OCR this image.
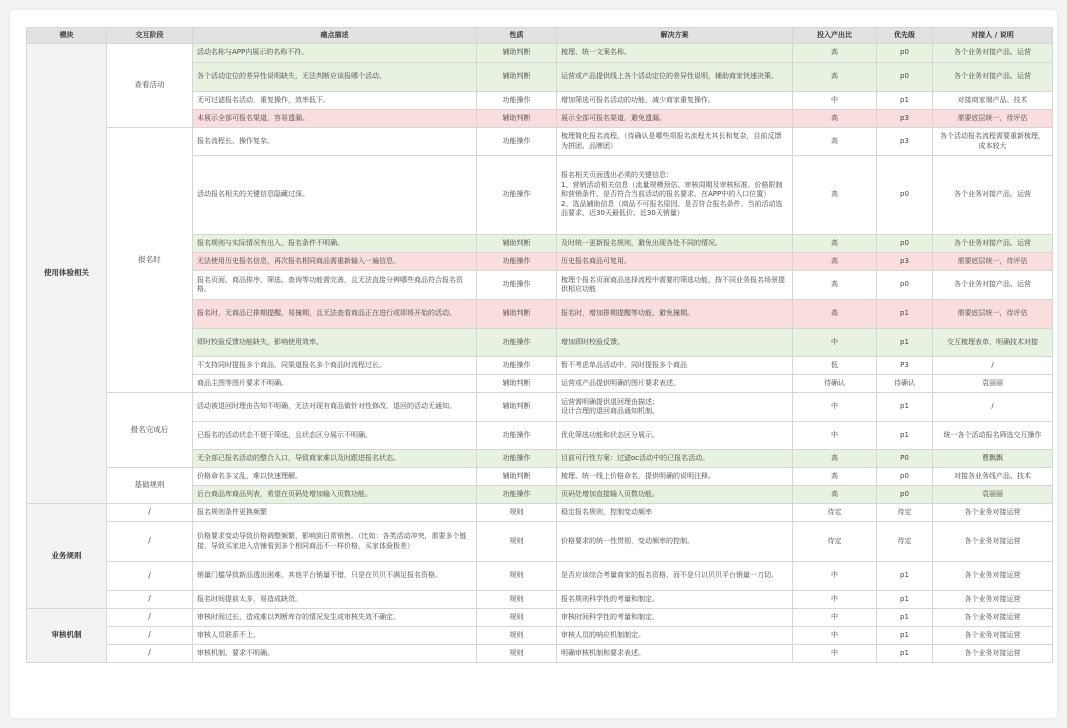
模块	交互阶段	痛点描述	性质	解决方案	投入产出比	优先级	对接人 / 说明
使用体验相关	查看活动	活动名称与APP内展示的名称不符。	辅助判断	梳理、统一文案名称。	高	p0	各个业务对接产品、运营
		各个活动定位的差异性说明缺失，无法判断应该报哪个活动。	辅助判断	运营或产品提供线上各个活动定位的差异性说明，辅助商家快速决策。	高	p0	各个业务对接产品、运营
		无可过滤报名活动，重复操作，效率低下。	功能操作	增加筛选可报名活动的功能，减少商家重复操作。	中	p1	对接商家端产品、技术
		未展示全部可报名渠道，容易遗漏。	辅助判断	展示全部可报名渠道，避免遗漏。	高	p3	需要底层统一，待评估
	报名时	报名流程长、操作复杂。	功能操作	梳理简化报名流程。（待确认是哪些项报名流程尤其长和复杂，目前反馈为拼团、品牌团）	高	p3	各个活动报名流程需要重新梳理，成本较大
		活动报名相关的关键信息隐藏过深。	功能操作	报名相关页面透出必须的关键信息：
1、营销活动相关信息（流量规模预估、审核周期及审核标准、价格限制和营销条件、是否符合当前活动的报名要求、在APP中的入口位置）
2、选品辅助信息（商品不可报名原因、是否符合报名条件、当前活动选品要求、近30天最低价、近30天销量）	高	p0	各个业务对接产品、运营
		报名规则与实际情况有出入、报名条件不明确。	辅助判断	及时统一更新报名规则，避免出现各处不同的情况。	高	p0	各个业务对接产品、运营
		无法使用历史报名信息，再次报名相同商品需重新输入一遍信息。	功能操作	历史报名商品可复用。	高	p3	需要底层统一，待评估
		报名页面，商品排序、筛选、查询等功能需完善，且无法直接分辨哪些商品符合报名资格。	功能操作	梳理个报名页面商品选择流程中需要的筛选功能，按不同业务报名场景提供相应功能	高	p0	各个业务对接产品、运营
		报名时，无商品已排期提醒，易撞期，且无法查看商品正在进行或即将开始的活动。	辅助判断	报名时，增加排期提醒等功能，避免撞期。	高	p1	需要底层统一，待评估
		即时校验反馈功能缺失，影响使用效率。	功能操作	增加即时校验反馈。	中	p1	交互梳理表单，明确技术对接
		不支持同时提报多个商品，同渠道报名多个商品时流程过长。	功能操作	暂不考虑单品活动中，同时提报多个商品	低	P3	/
		商品主图等图片要求不明确。	辅助判断	运营或产品提供明确的图片要求表述。	待确认	待确认	袁丽丽
	报名完成后	活动被退回时理由告知不明确，无法对现有商品做针对性修改，退回的活动无通知。	辅助判断	运营需明确提供退回理由描述；
设计合理的退回商品通知机制。	中	p1	/
		已报名的活动状态不便于筛选，且状态区分展示不明确。	功能操作	优化筛选功能和状态区分展示。	中	p1	统一各个活动报名筛选交互操作
		无全部已报名活动的整合入口，导致商家难以及时跟进报名状态。	功能操作	目前可行性方案：过滤oc活动中的已报名活动。	高	P0	曹飘飘
	基础规则	价格命名多又乱，难以快速理解。	辅助判断	梳理、统一线上价格命名，提供明确的说明注释。	高	p0	对接各业务线产品、技术
		后台商品库商品列表，希望在页码处增加输入页数功能。	功能操作	页码处增加直接输入页数功能。	高	p0	袁丽丽
业务规则	/	报名规则条件更换频繁	规则	稳定报名规则，控制变动频率	待定	待定	各个业务对接运营
	/	价格要求变动导致价格调整频繁，影响到日常销售。（比如：各类活动冲突，需要多个链接，导致买家进入店铺看到多个相同商品不一样价格，买家体验极差）	规则	价格要求的统一性贯彻，变动频率的控制。	待定	待定	各个业务对接运营
	/	销量门槛导致新品透出困难，其他平台销量不错，只是在贝贝不满足报名资格。	规则	是否应该综合考量商家的报名资格，而不是只以贝贝平台销量一刀切。	中	p1	各个业务对接运营
	/	报名时间提前太多，易造成缺货。	规则	报名规则科学性的考量和制定。	中	p1	各个业务对接运营
审核机制	/	审核时间过长，造成难以判断库存的情况发生或审核失效不确定。	规则	审核时间科学性的考量和制定。	中	p1	各个业务对接运营
	/	审核人员联系不上。	规则	审核人员的响应机制制定。	中	p1	各个业务对接运营
	/	审核机制、要求不明确。	规则	明确审核机制和要求表述。	中	p1	各个业务对接运营
